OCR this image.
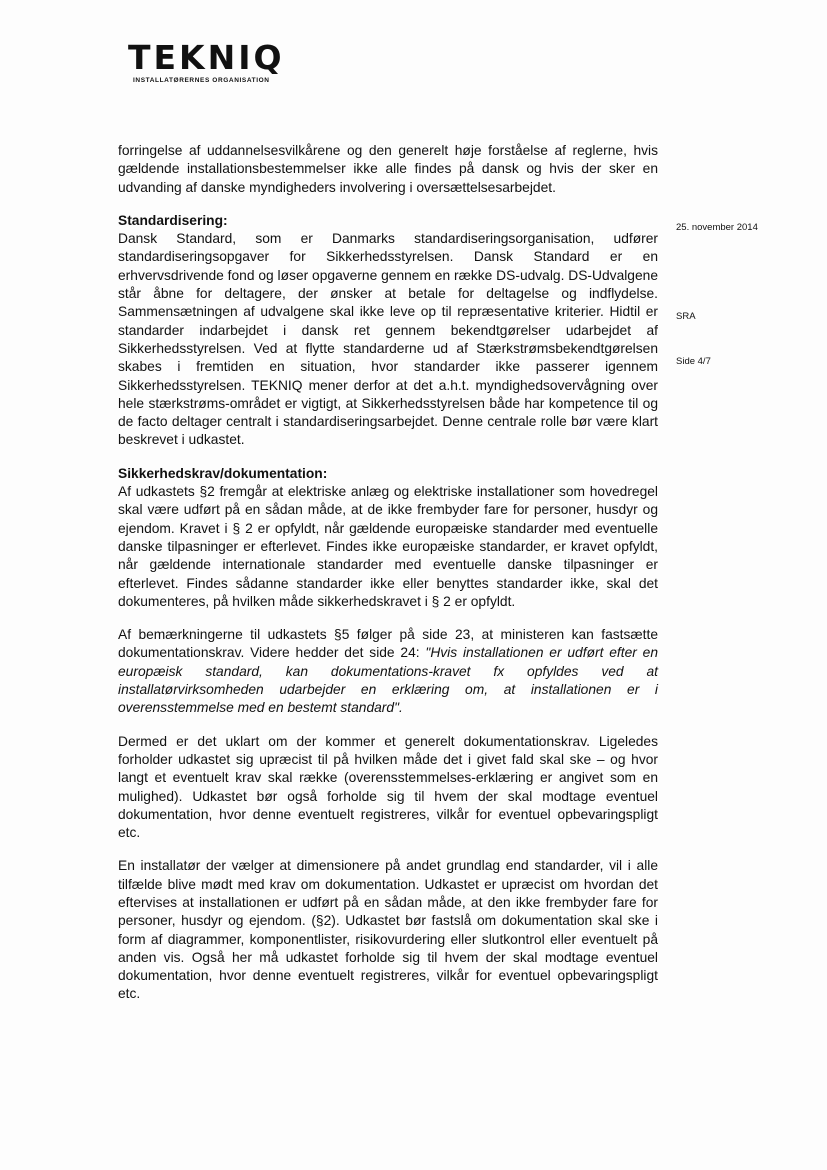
TEKNIQ
INSTALLATØRERNES ORGANISATION
25. november 2014
SRA
Side 4/7

forringelse af uddannelsesvilkårene og den generelt høje forståelse af reglerne, hvis gældende installationsbestemmelser ikke alle findes på dansk og hvis der sker en udvanding af danske myndigheders involvering i oversættelsesarbejdet.

Standardisering:
Dansk Standard, som er Danmarks standardiseringsorganisation, udfører standardiseringsopgaver for Sikkerhedsstyrelsen. Dansk Standard er en erhvervsdrivende fond og løser opgaverne gennem en række DS-udvalg. DS-Udvalgene står åbne for deltagere, der ønsker at betale for deltagelse og indflydelse. Sammensætningen af udvalgene skal ikke leve op til repræsentative kriterier. Hidtil er standarder indarbejdet i dansk ret gennem bekendtgørelser udarbejdet af Sikkerhedsstyrelsen. Ved at flytte standarderne ud af Stærkstrømsbekendtgørelsen skabes i fremtiden en situation, hvor standarder ikke passerer igennem Sikkerhedsstyrelsen. TEKNIQ mener derfor at det a.h.t. myndighedsovervågning over hele stærkstrøms-området er vigtigt, at Sikkerhedsstyrelsen både har kompetence til og de facto deltager centralt i standardiseringsarbejdet. Denne centrale rolle bør være klart beskrevet i udkastet.

Sikkerhedskrav/dokumentation:
Af udkastets §2 fremgår at elektriske anlæg og elektriske installationer som hovedregel skal være udført på en sådan måde, at de ikke frembyder fare for personer, husdyr og ejendom. Kravet i § 2 er opfyldt, når gældende europæiske standarder med eventuelle danske tilpasninger er efterlevet. Findes ikke europæiske standarder, er kravet opfyldt, når gældende internationale standarder med eventuelle danske tilpasninger er efterlevet. Findes sådanne standarder ikke eller benyttes standarder ikke, skal det dokumenteres, på hvilken måde sikkerhedskravet i § 2 er opfyldt.

Af bemærkningerne til udkastets §5 følger på side 23, at ministeren kan fastsætte dokumentationskrav. Videre hedder det side 24: "Hvis installationen er udført efter en europæisk standard, kan dokumentations-kravet fx opfyldes ved at installatørvirksomheden udarbejder en erklæring om, at installationen er i overensstemmelse med en bestemt standard".

Dermed er det uklart om der kommer et generelt dokumentationskrav. Ligeledes forholder udkastet sig upræcist til på hvilken måde det i givet fald skal ske – og hvor langt et eventuelt krav skal række (overensstemmelses-erklæring er angivet som en mulighed). Udkastet bør også forholde sig til hvem der skal modtage eventuel dokumentation, hvor denne eventuelt registreres, vilkår for eventuel opbevaringspligt etc.

En installatør der vælger at dimensionere på andet grundlag end standarder, vil i alle tilfælde blive mødt med krav om dokumentation. Udkastet er upræcist om hvordan det eftervises at installationen er udført på en sådan måde, at den ikke frembyder fare for personer, husdyr og ejendom. (§2). Udkastet bør fastslå om dokumentation skal ske i form af diagrammer, komponentlister, risikovurdering eller slutkontrol eller eventuelt på anden vis. Også her må udkastet forholde sig til hvem der skal modtage eventuel dokumentation, hvor denne eventuelt registreres, vilkår for eventuel opbevaringspligt etc.
